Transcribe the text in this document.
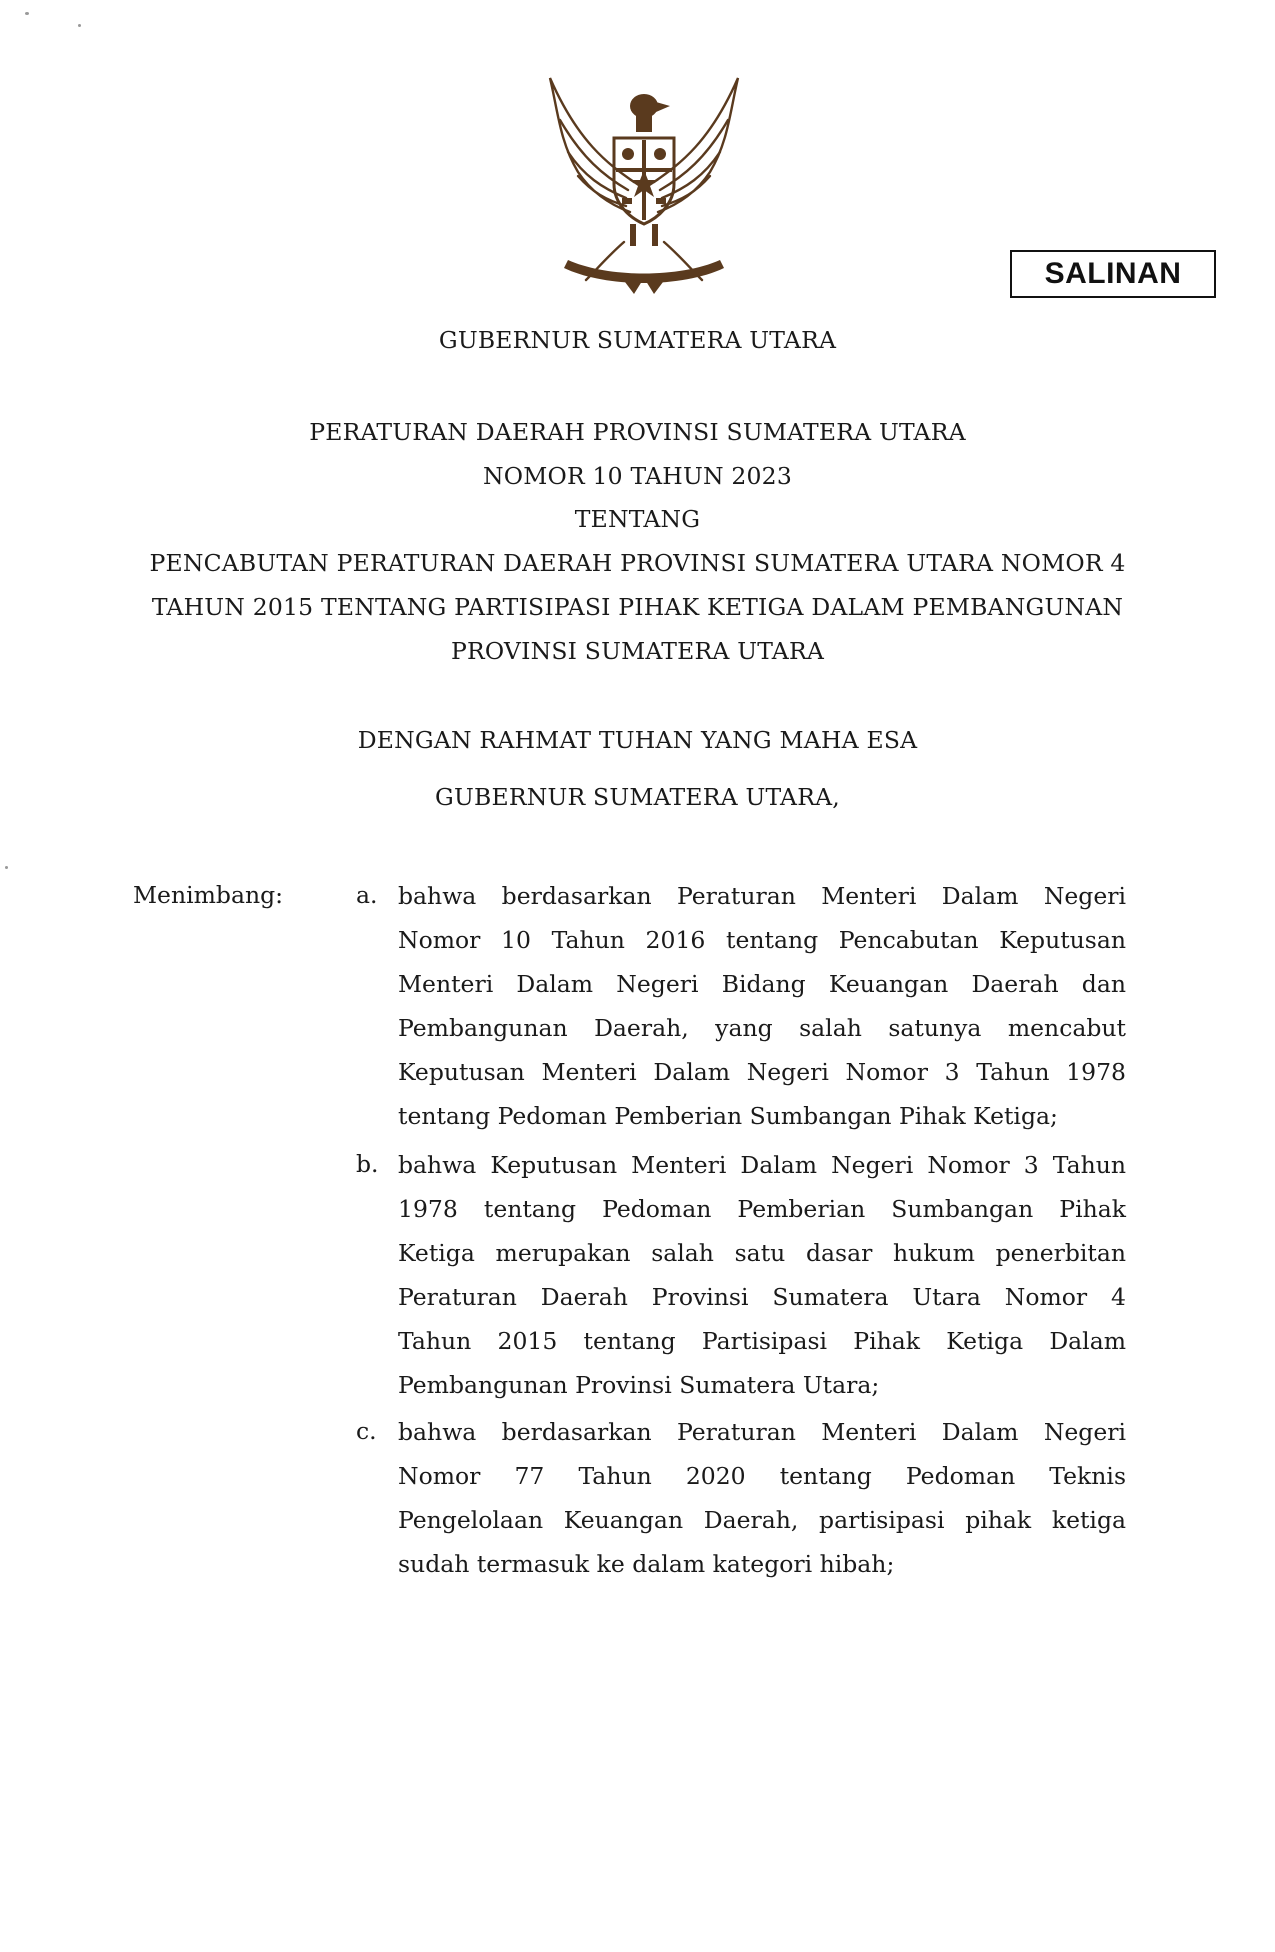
SALINAN
GUBERNUR SUMATERA UTARA
PERATURAN DAERAH PROVINSI SUMATERA UTARA
NOMOR 10 TAHUN 2023
TENTANG
PENCABUTAN PERATURAN DAERAH PROVINSI SUMATERA UTARA NOMOR 4
TAHUN 2015 TENTANG PARTISIPASI PIHAK KETIGA DALAM PEMBANGUNAN
PROVINSI SUMATERA UTARA
DENGAN RAHMAT TUHAN YANG MAHA ESA
GUBERNUR SUMATERA UTARA,
Menimbang:	a. bahwa berdasarkan Peraturan Menteri Dalam Negeri
Nomor 10 Tahun 2016 tentang Pencabutan Keputusan
Menteri Dalam Negeri Bidang Keuangan Daerah dan
Pembangunan Daerah, yang salah satunya mencabut
Keputusan Menteri Dalam Negeri Nomor 3 Tahun 1978
tentang Pedoman Pemberian Sumbangan Pihak Ketiga;
b. bahwa Keputusan Menteri Dalam Negeri Nomor 3 Tahun
1978 tentang Pedoman Pemberian Sumbangan Pihak
Ketiga merupakan salah satu dasar hukum penerbitan
Peraturan Daerah Provinsi Sumatera Utara Nomor 4
Tahun 2015 tentang Partisipasi Pihak Ketiga Dalam
Pembangunan Provinsi Sumatera Utara;
c. bahwa berdasarkan Peraturan Menteri Dalam Negeri
Nomor 77 Tahun 2020 tentang Pedoman Teknis
Pengelolaan Keuangan Daerah, partisipasi pihak ketiga
sudah termasuk ke dalam kategori hibah;
